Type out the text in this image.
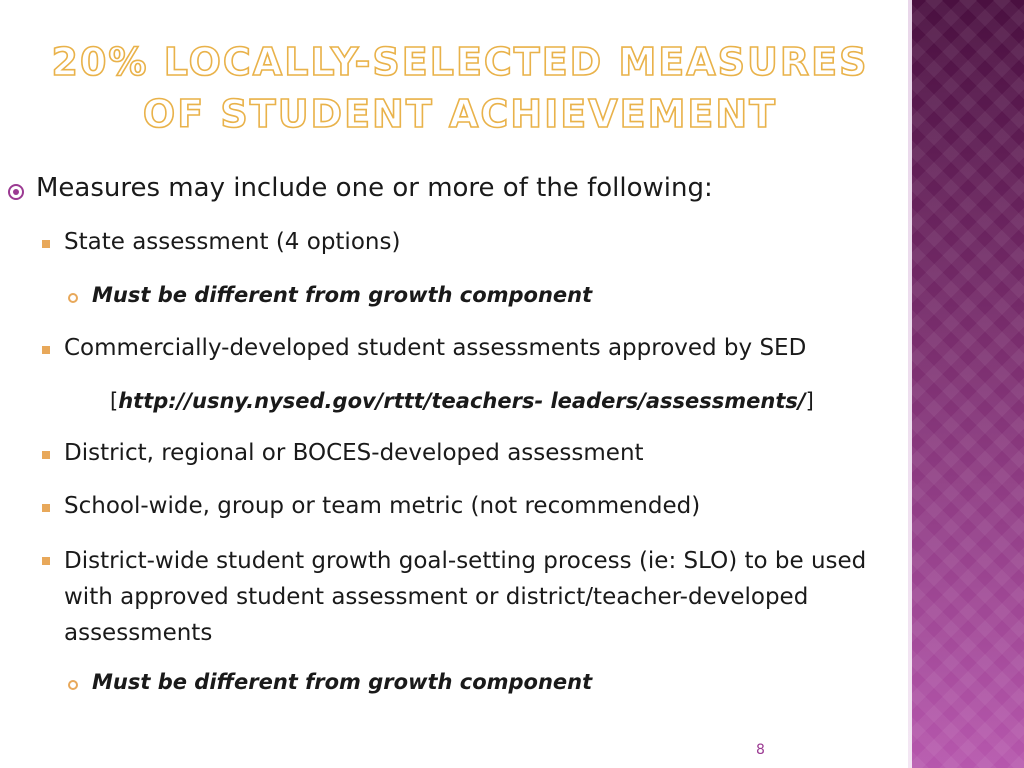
20% LOCALLY-SELECTED MEASURES OF STUDENT ACHIEVEMENT
Measures may include one or more of the following:
State assessment (4 options)
Must be different from growth component
Commercially-developed student assessments approved by SED
[http://usny.nysed.gov/rttt/teachers- leaders/assessments/]
District, regional or BOCES-developed assessment
School-wide, group or team metric (not recommended)
District-wide student growth goal-setting process (ie: SLO) to be used with approved student assessment or district/teacher-developed assessments
Must be different from growth component
8
